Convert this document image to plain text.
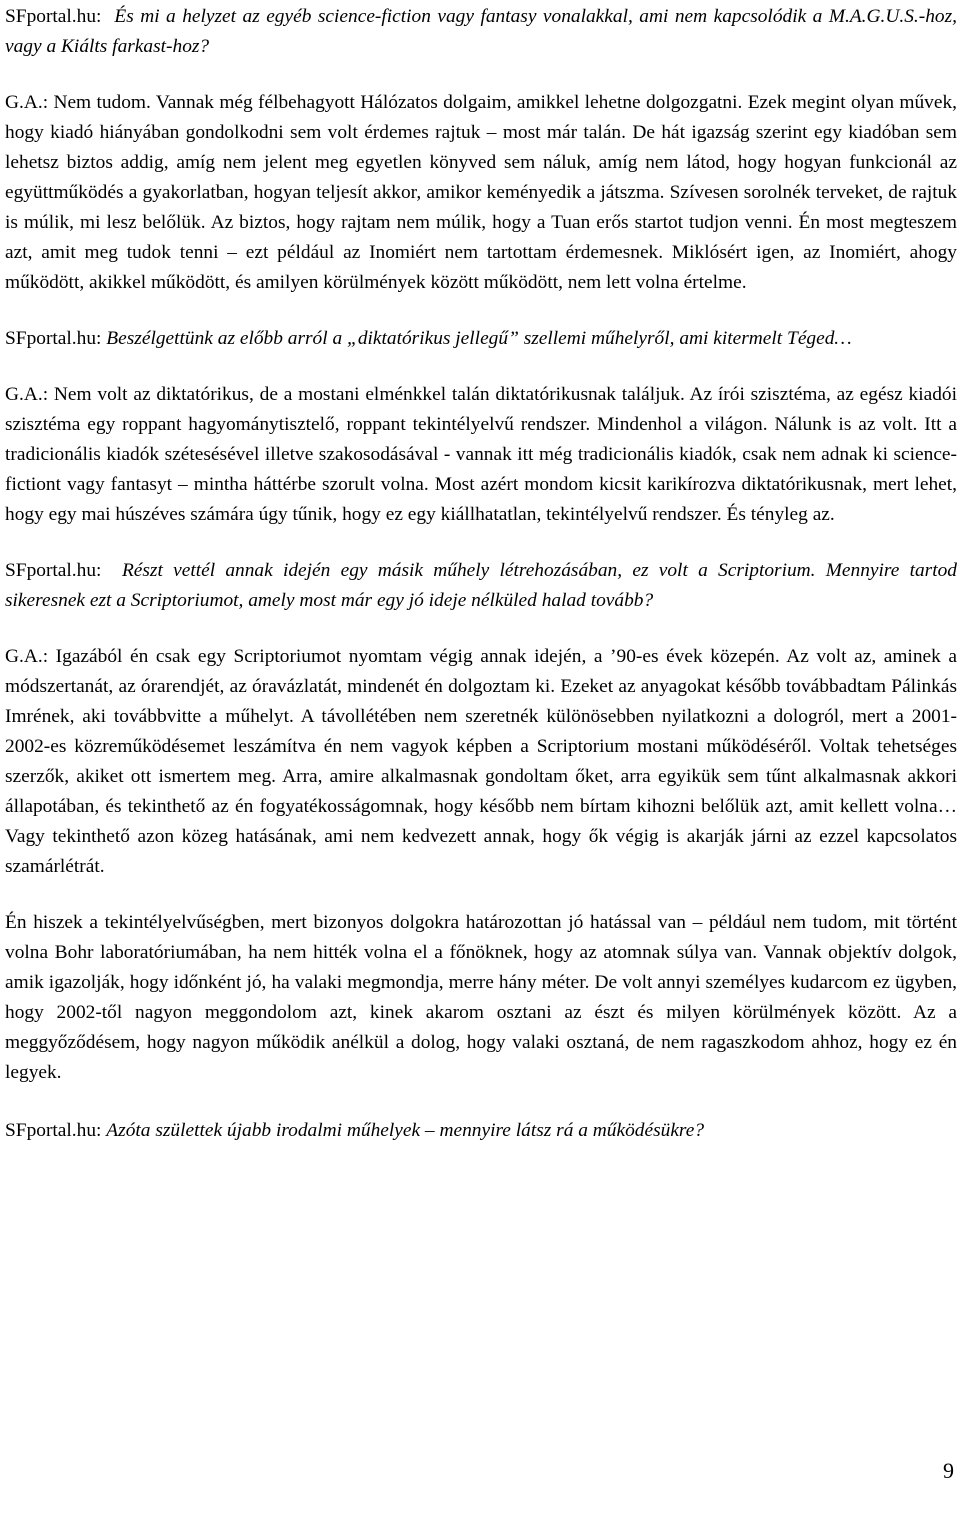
SFportal.hu: És mi a helyzet az egyéb science-fiction vagy fantasy vonalakkal, ami nem kapcsolódik a M.A.G.U.S.-hoz, vagy a Kiálts farkast-hoz?

G.A.: Nem tudom. Vannak még félbehagyott Hálózatos dolgaim, amikkel lehetne dolgozgatni. Ezek megint olyan művek, hogy kiadó hiányában gondolkodni sem volt érdemes rajtuk – most már talán. De hát igazság szerint egy kiadóban sem lehetsz biztos addig, amíg nem jelent meg egyetlen könyved sem náluk, amíg nem látod, hogy hogyan funkcionál az együttműködés a gyakorlatban, hogyan teljesít akkor, amikor keményedik a játszma. Szívesen sorolnék terveket, de rajtuk is múlik, mi lesz belőlük. Az biztos, hogy rajtam nem múlik, hogy a Tuan erős startot tudjon venni. Én most megteszem azt, amit meg tudok tenni – ezt például az Inomiért nem tartottam érdemesnek. Miklósért igen, az Inomiért, ahogy működött, akikkel működött, és amilyen körülmények között működött, nem lett volna értelme.

SFportal.hu: Beszélgettünk az előbb arról a „diktatórikus jellegű” szellemi műhelyről, ami kitermelt Téged…

G.A.: Nem volt az diktatórikus, de a mostani elménkkel talán diktatórikusnak találjuk. Az írói szisztéma, az egész kiadói szisztéma egy roppant hagyománytisztelő, roppant tekintélyelvű rendszer. Mindenhol a világon. Nálunk is az volt. Itt a tradicionális kiadók szétesésével illetve szakosodásával - vannak itt még tradicionális kiadók, csak nem adnak ki science-fictiont vagy fantasyt – mintha háttérbe szorult volna. Most azért mondom kicsit karikírozva diktatórikusnak, mert lehet, hogy egy mai húszéves számára úgy tűnik, hogy ez egy kiállhatatlan, tekintélyelvű rendszer. És tényleg az.

SFportal.hu: Részt vettél annak idején egy másik műhely létrehozásában, ez volt a Scriptorium. Mennyire tartod sikeresnek ezt a Scriptoriumot, amely most már egy jó ideje nélküled halad tovább?

G.A.: Igazából én csak egy Scriptoriumot nyomtam végig annak idején, a ’90-es évek közepén. Az volt az, aminek a módszertanát, az órarendjét, az óravázlatát, mindenét én dolgoztam ki. Ezeket az anyagokat később továbbadtam Pálinkás Imrének, aki továbbvitte a műhelyt. A távollétében nem szeretnék különösebben nyilatkozni a dologról, mert a 2001-2002-es közreműködésemet leszámítva én nem vagyok képben a Scriptorium mostani működéséről. Voltak tehetséges szerzők, akiket ott ismertem meg. Arra, amire alkalmasnak gondoltam őket, arra egyikük sem tűnt alkalmasnak akkori állapotában, és tekinthető az én fogyatékosságomnak, hogy később nem bírtam kihozni belőlük azt, amit kellett volna… Vagy tekinthető azon közeg hatásának, ami nem kedvezett annak, hogy ők végig is akarják járni az ezzel kapcsolatos szamárlétrát.

Én hiszek a tekintélyelvűségben, mert bizonyos dolgokra határozottan jó hatással van – például nem tudom, mit történt volna Bohr laboratóriumában, ha nem hitték volna el a főnöknek, hogy az atomnak súlya van. Vannak objektív dolgok, amik igazolják, hogy időnként jó, ha valaki megmondja, merre hány méter. De volt annyi személyes kudarcom ez ügyben, hogy 2002-től nagyon meggondolom azt, kinek akarom osztani az észt és milyen körülmények között. Az a meggyőződésem, hogy nagyon működik anélkül a dolog, hogy valaki osztaná, de nem ragaszkodom ahhoz, hogy ez én legyek.

SFportal.hu: Azóta születtek újabb irodalmi műhelyek – mennyire látsz rá a működésükre?

9
